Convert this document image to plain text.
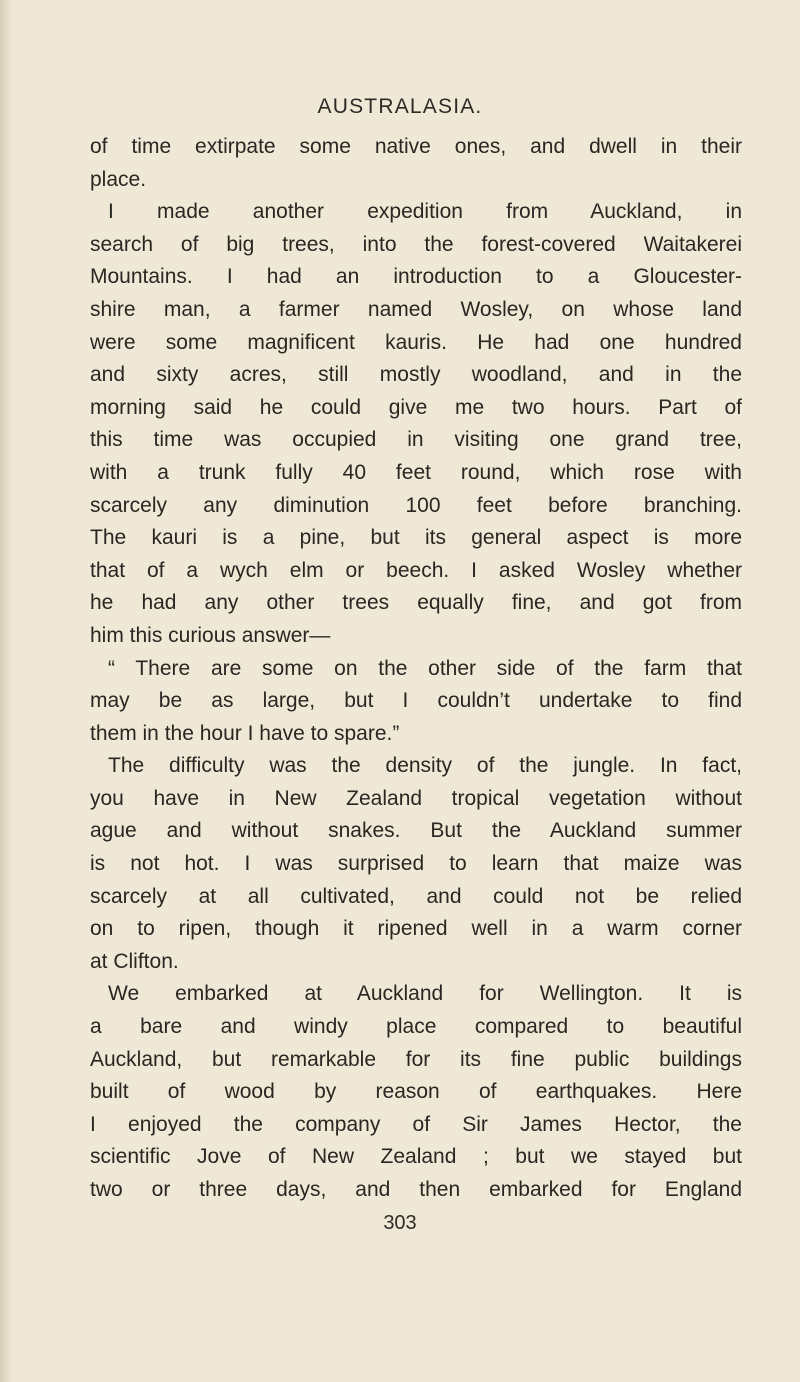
AUSTRALASIA.
of time extirpate some native ones, and dwell in their
place.
I made another expedition from Auckland, in
search of big trees, into the forest-covered Waitakerei
Mountains. I had an introduction to a Gloucester-
shire man, a farmer named Wosley, on whose land
were some magnificent kauris. He had one hundred
and sixty acres, still mostly woodland, and in the
morning said he could give me two hours. Part of
this time was occupied in visiting one grand tree,
with a trunk fully 40 feet round, which rose with
scarcely any diminution 100 feet before branching.
The kauri is a pine, but its general aspect is more
that of a wych elm or beech. I asked Wosley whether
he had any other trees equally fine, and got from
him this curious answer—
“ There are some on the other side of the farm that
may be as large, but I couldn’t undertake to find
them in the hour I have to spare.”
The difficulty was the density of the jungle. In fact,
you have in New Zealand tropical vegetation without
ague and without snakes. But the Auckland summer
is not hot. I was surprised to learn that maize was
scarcely at all cultivated, and could not be relied
on to ripen, though it ripened well in a warm corner
at Clifton.
We embarked at Auckland for Wellington. It is
a bare and windy place compared to beautiful
Auckland, but remarkable for its fine public buildings
built of wood by reason of earthquakes. Here
I enjoyed the company of Sir James Hector, the
scientific Jove of New Zealand ; but we stayed but
two or three days, and then embarked for England
303
